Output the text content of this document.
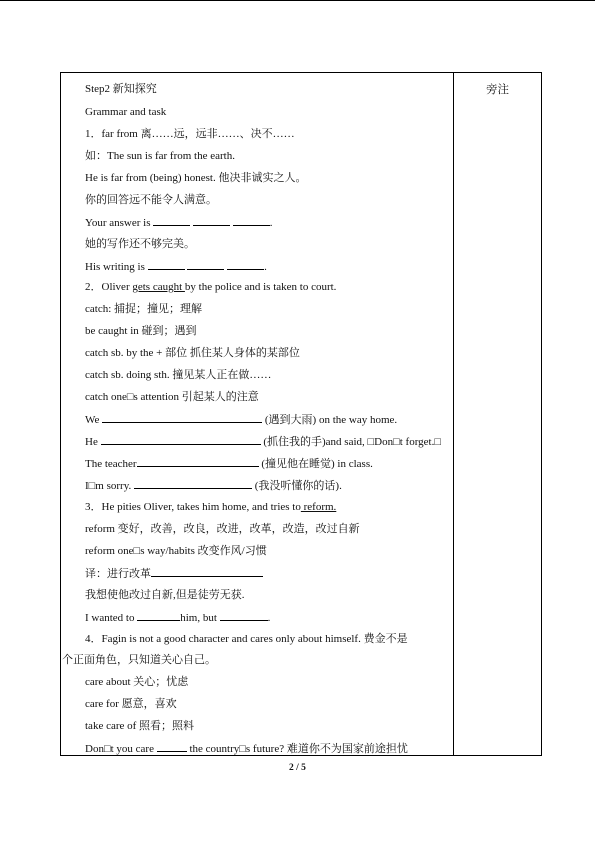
旁注
Step2 新知探究
Grammar and task
1．far from 离……远，远非……、决不……
如：The sun is far from the earth.
He is far from (being) honest. 他决非诚实之人。
你的回答远不能令人满意。
Your answer is	.
她的写作还不够完美。
His writing is	.
2．Oliver gets caught by the police and is taken to court.
catch: 捕捉；撞见；理解
be caught in 碰到；遇到
catch sb. by the + 部位 抓住某人身体的某部位
catch sb. doing sth. 撞见某人正在做……
catch one□s attention 引起某人的注意
We	(遇到大雨) on the way home.
He	(抓住我的手)and said, □Don□t forget.□
The teacher	(撞见他在睡觉) in class.
I□m sorry.	(我没听懂你的话).
3．He pities Oliver, takes him home, and tries to reform.
reform 变好，改善，改良，改进，改革，改造，改过自新
reform one□s way/habits 改变作风/习惯
译：进行改革
我想使他改过自新,但是徒劳无获.
I wanted to	him, but	.
4．Fagin is not a good character and cares only about himself. 费金不是
个正面角色，只知道关心自己。
care about 关心；忧虑
care for 愿意，喜欢
take care of 照看；照料
Don□t you care	the country□s future? 难道你不为国家前途担忧
2 / 5
